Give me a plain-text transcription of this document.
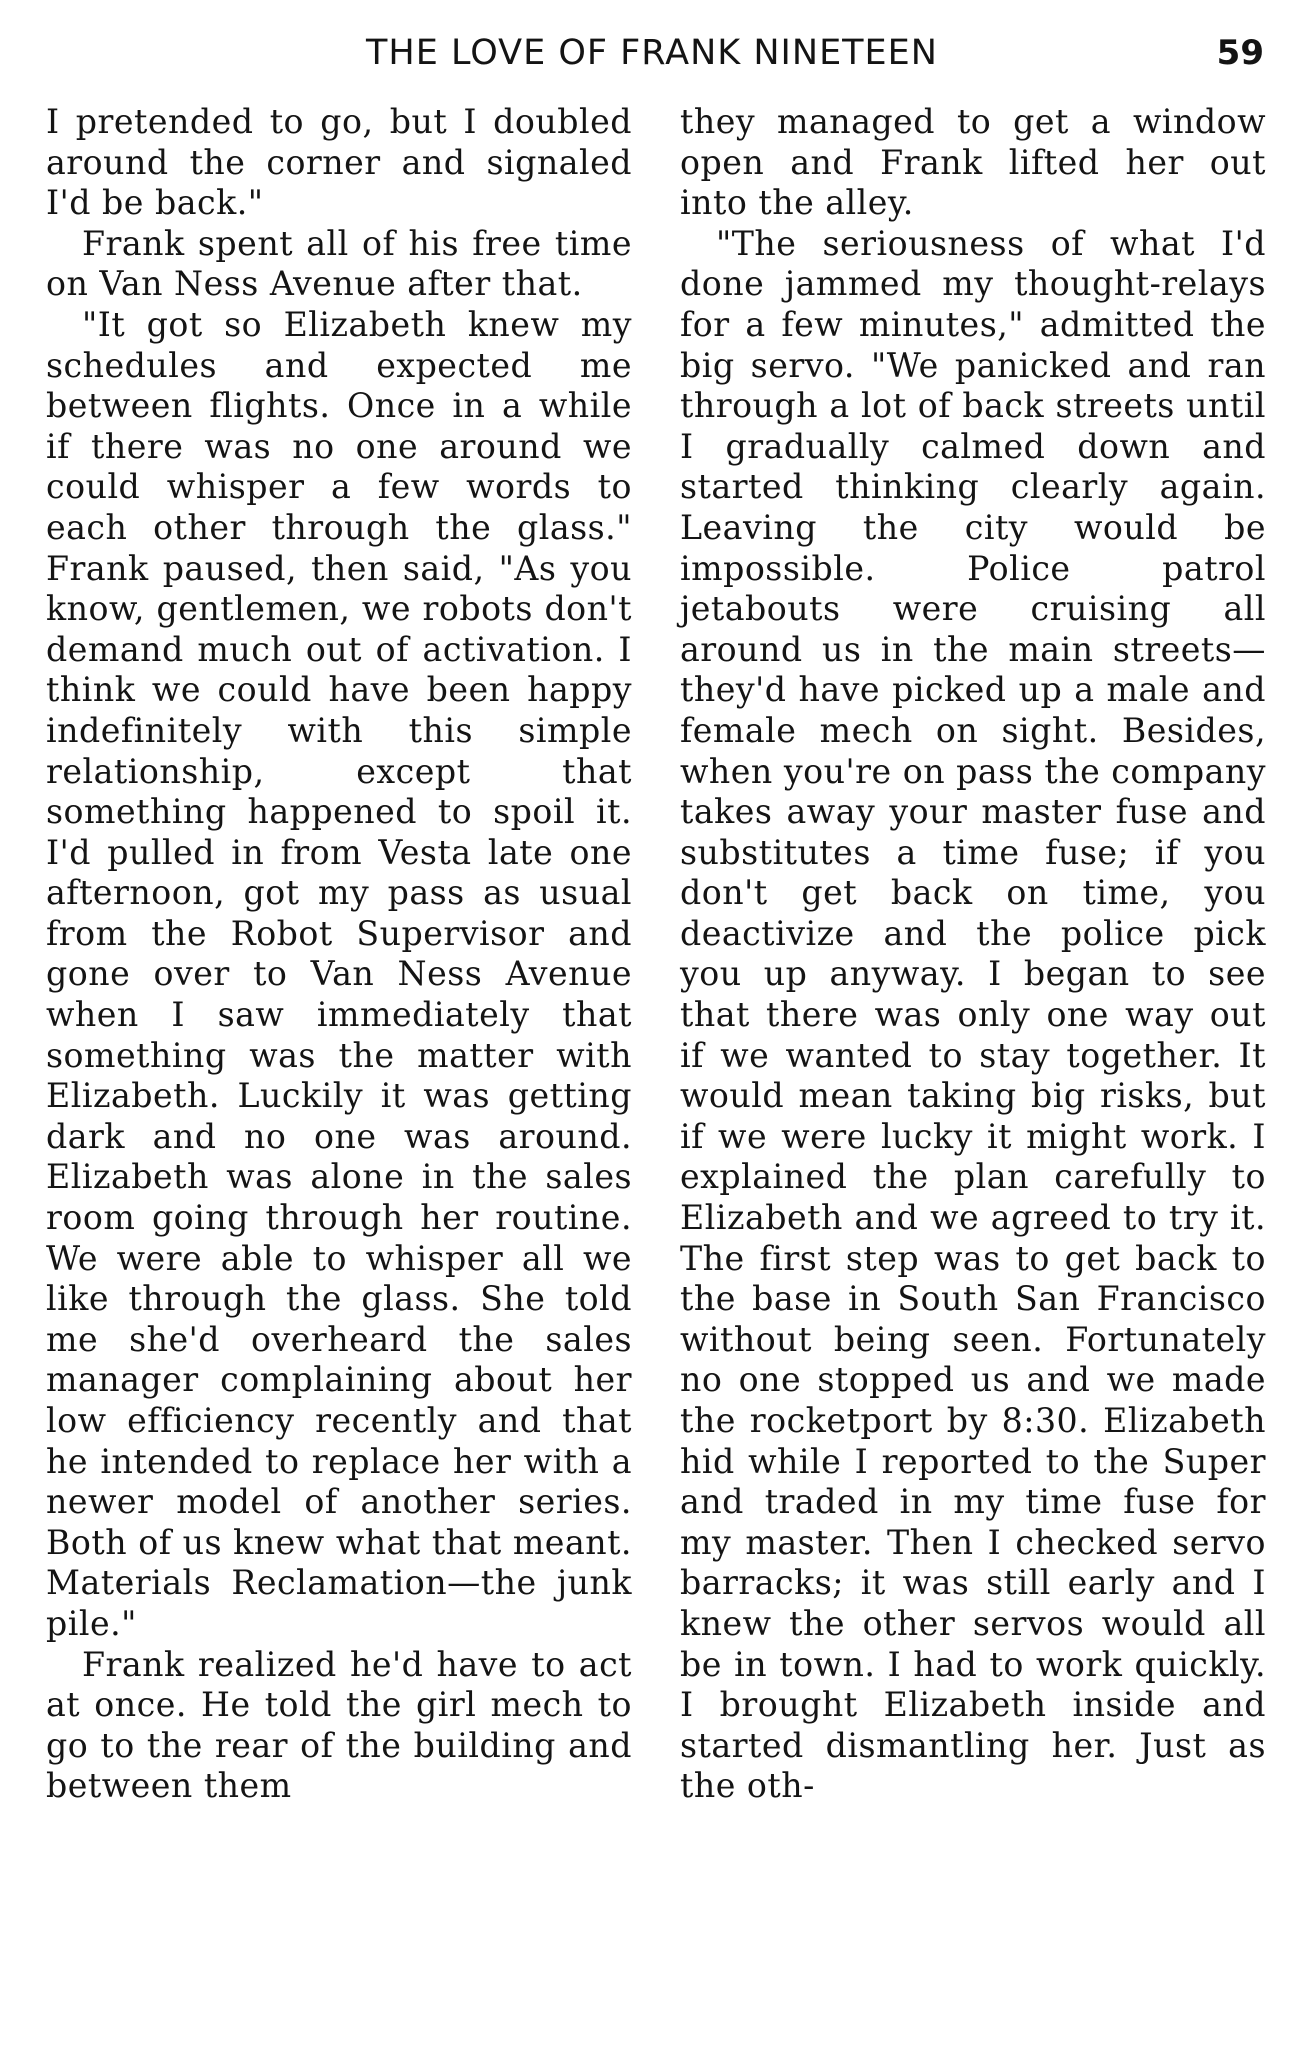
THE LOVE OF FRANK NINETEEN	59

I pretended to go, but I doubled around the corner and signaled I'd be back."

Frank spent all of his free time on Van Ness Avenue after that.

"It got so Elizabeth knew my schedules and expected me between flights. Once in a while if there was no one around we could whisper a few words to each other through the glass." Frank paused, then said, "As you know, gentlemen, we robots don't demand much out of activation. I think we could have been happy indefinitely with this simple relationship, except that something happened to spoil it. I'd pulled in from Vesta late one afternoon, got my pass as usual from the Robot Supervisor and gone over to Van Ness Avenue when I saw immediately that something was the matter with Elizabeth. Luckily it was getting dark and no one was around. Elizabeth was alone in the sales room going through her routine. We were able to whisper all we like through the glass. She told me she'd overheard the sales manager complaining about her low efficiency recently and that he intended to replace her with a newer model of another series. Both of us knew what that meant. Materials Reclamation—the junk pile."

Frank realized he'd have to act at once. He told the girl mech to go to the rear of the building and between them

they managed to get a window open and Frank lifted her out into the alley.

"The seriousness of what I'd done jammed my thought-relays for a few minutes," admitted the big servo. "We panicked and ran through a lot of back streets until I gradually calmed down and started thinking clearly again. Leaving the city would be impossible. Police patrol jetabouts were cruising all around us in the main streets—they'd have picked up a male and female mech on sight. Besides, when you're on pass the company takes away your master fuse and substitutes a time fuse; if you don't get back on time, you deactivize and the police pick you up anyway. I began to see that there was only one way out if we wanted to stay together. It would mean taking big risks, but if we were lucky it might work. I explained the plan carefully to Elizabeth and we agreed to try it. The first step was to get back to the base in South San Francisco without being seen. Fortunately no one stopped us and we made the rocketport by 8:30. Elizabeth hid while I reported to the Super and traded in my time fuse for my master. Then I checked servo barracks; it was still early and I knew the other servos would all be in town. I had to work quickly. I brought Elizabeth inside and started dismantling her. Just as the oth-
